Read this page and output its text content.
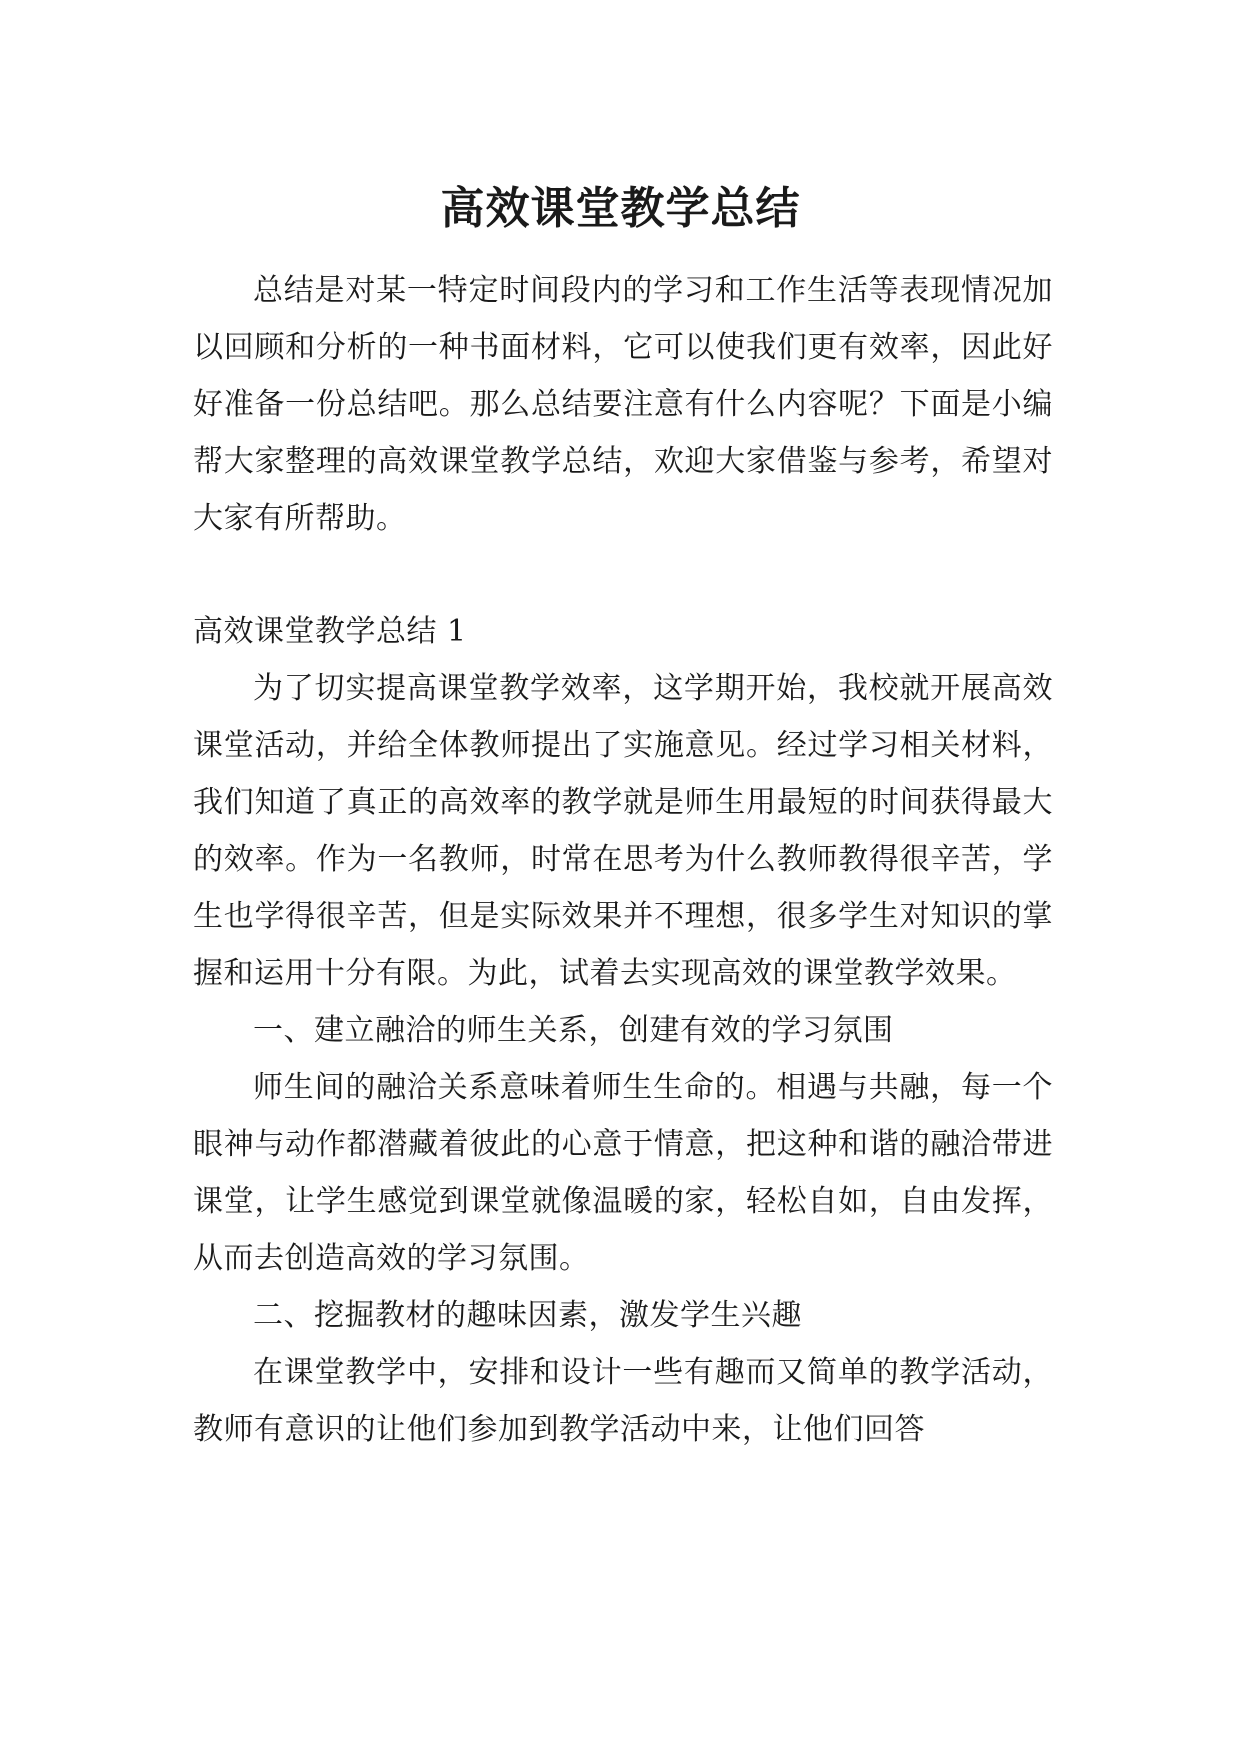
高效课堂教学总结

总结是对某一特定时间段内的学习和工作生活等表现情况加以回顾和分析的一种书面材料，它可以使我们更有效率，因此好好准备一份总结吧。那么总结要注意有什么内容呢？下面是小编帮大家整理的高效课堂教学总结，欢迎大家借鉴与参考，希望对大家有所帮助。

高效课堂教学总结 1

为了切实提高课堂教学效率，这学期开始，我校就开展高效课堂活动，并给全体教师提出了实施意见。经过学习相关材料，我们知道了真正的高效率的教学就是师生用最短的时间获得最大的效率。作为一名教师，时常在思考为什么教师教得很辛苦，学生也学得很辛苦，但是实际效果并不理想，很多学生对知识的掌握和运用十分有限。为此，试着去实现高效的课堂教学效果。

一、建立融洽的师生关系，创建有效的学习氛围

师生间的融洽关系意味着师生生命的。相遇与共融，每一个眼神与动作都潜藏着彼此的心意于情意，把这种和谐的融洽带进课堂，让学生感觉到课堂就像温暖的家，轻松自如，自由发挥，从而去创造高效的学习氛围。

二、挖掘教材的趣味因素，激发学生兴趣

在课堂教学中，安排和设计一些有趣而又简单的教学活动，教师有意识的让他们参加到教学活动中来，让他们回答
